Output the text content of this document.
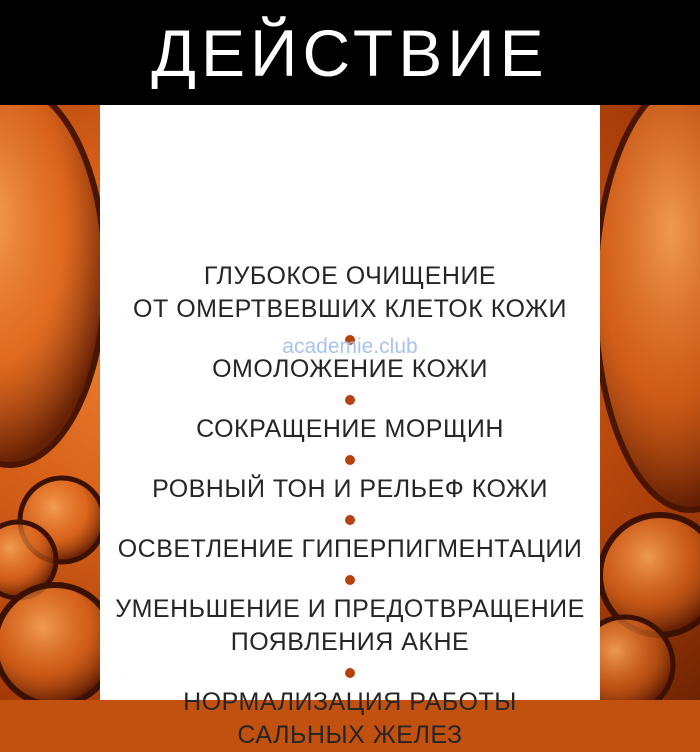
ДЕЙСТВИЕ
ГЛУБОКОЕ ОЧИЩЕНИЕ
ОТ ОМЕРТВЕВШИХ КЛЕТОК КОЖИ
ОМОЛОЖЕНИЕ КОЖИ
СОКРАЩЕНИЕ МОРЩИН
РОВНЫЙ ТОН И РЕЛЬЕФ КОЖИ
ОСВЕТЛЕНИЕ ГИПЕРПИГМЕНТАЦИИ
УМЕНЬШЕНИЕ И ПРЕДОТВРАЩЕНИЕ
ПОЯВЛЕНИЯ АКНЕ
НОРМАЛИЗАЦИЯ РАБОТЫ
САЛЬНЫХ ЖЕЛЕЗ
academie.club
